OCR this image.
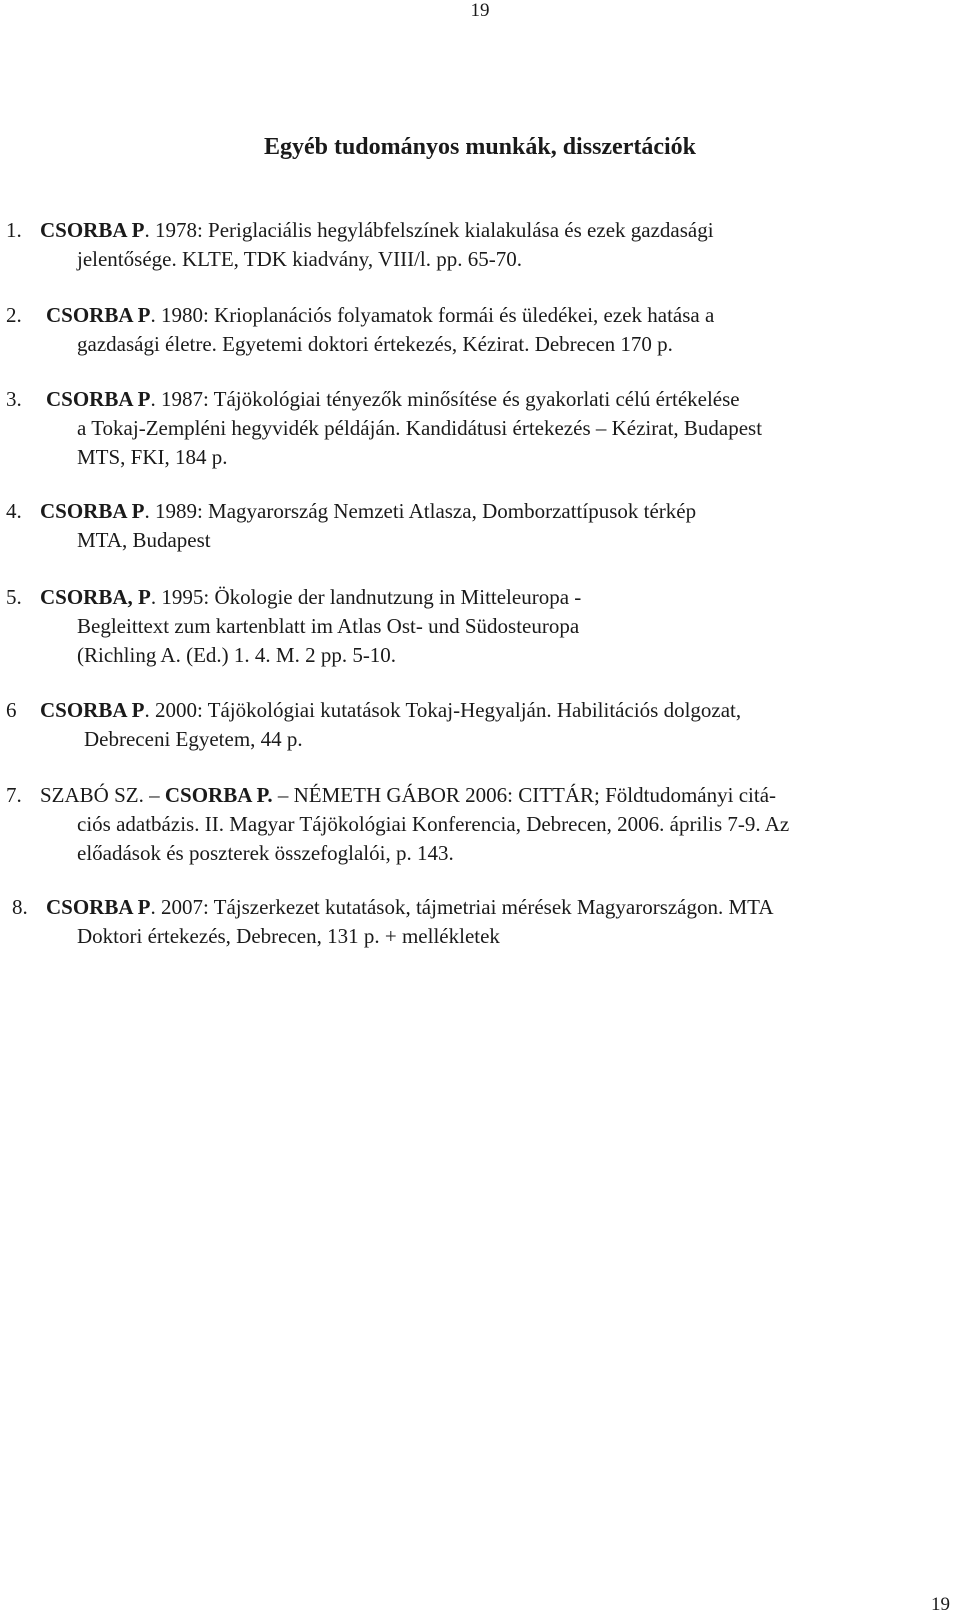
19
Egyéb tudományos munkák, disszertációk
1. CSORBA P. 1978: Periglaciális hegylábfelszínek kialakulása és ezek gazdasági
jelentősége. KLTE, TDK kiadvány, VIII/l. pp. 65-70.
2. CSORBA P. 1980: Krioplanációs folyamatok formái és üledékei, ezek hatása a
gazdasági életre. Egyetemi doktori értekezés, Kézirat. Debrecen 170 p.
3. CSORBA P. 1987: Tájökológiai tényezők minősítése és gyakorlati célú értékelése
a Tokaj-Zempléni hegyvidék példáján. Kandidátusi értekezés – Kézirat, Budapest
MTS, FKI, 184 p.
4. CSORBA P. 1989: Magyarország Nemzeti Atlasza, Domborzattípusok térkép
MTA, Budapest
5. CSORBA, P. 1995: Ökologie der landnutzung in Mitteleuropa -
Begleittext zum kartenblatt im Atlas Ost- und Südosteuropa
(Richling A. (Ed.) 1. 4. M. 2 pp. 5-10.
6 CSORBA P. 2000: Tájökológiai kutatások Tokaj-Hegyalján. Habilitációs dolgozat,
Debreceni Egyetem, 44 p.
7. SZABÓ SZ. – CSORBA P. – NÉMETH GÁBOR 2006: CITTÁR; Földtudományi citá-
ciós adatbázis. II. Magyar Tájökológiai Konferencia, Debrecen, 2006. április 7-9. Az
előadások és poszterek összefoglalói, p. 143.
8. CSORBA P. 2007: Tájszerkezet kutatások, tájmetriai mérések Magyarországon. MTA
Doktori értekezés, Debrecen, 131 p. + mellékletek
19
